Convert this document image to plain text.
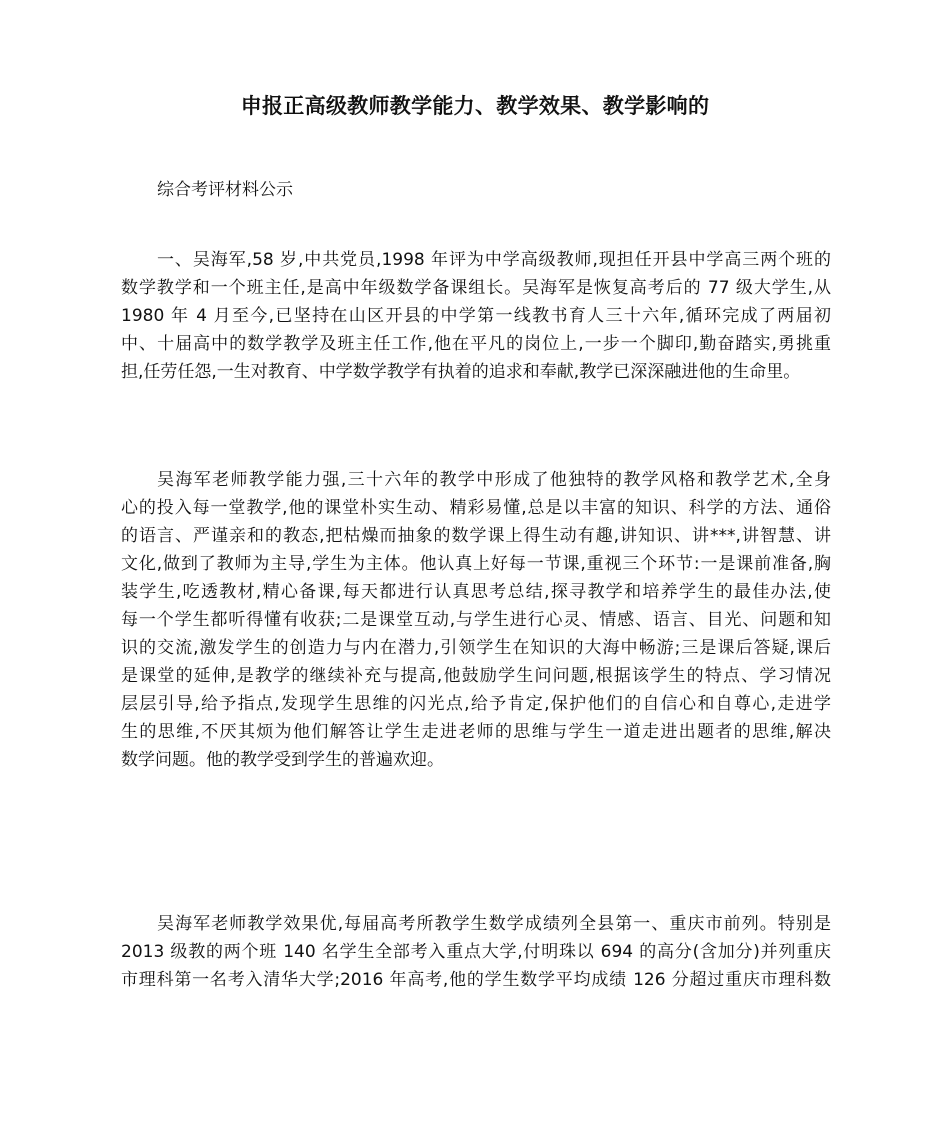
申报正高级教师教学能力、教学效果、教学影响的
综合考评材料公示
一、吴海军,58 岁,中共党员,1998 年评为中学高级教师,现担任开县中学高三两个班的
数学教学和一个班主任,是高中年级数学备课组长。吴海军是恢复高考后的 77 级大学生,从
1980 年 4 月至今,已坚持在山区开县的中学第一线教书育人三十六年,循环完成了两届初
中、十届高中的数学教学及班主任工作,他在平凡的岗位上,一步一个脚印,勤奋踏实,勇挑重
担,任劳任怨,一生对教育、中学数学教学有执着的追求和奉献,教学已深深融进他的生命里。
吴海军老师教学能力强,三十六年的教学中形成了他独特的教学风格和教学艺术,全身
心的投入每一堂教学,他的课堂朴实生动、精彩易懂,总是以丰富的知识、科学的方法、通俗
的语言、严谨亲和的教态,把枯燥而抽象的数学课上得生动有趣,讲知识、讲***,讲智慧、讲
文化,做到了教师为主导,学生为主体。他认真上好每一节课,重视三个环节:一是课前准备,胸
装学生,吃透教材,精心备课,每天都进行认真思考总结,探寻教学和培养学生的最佳办法,使
每一个学生都听得懂有收获;二是课堂互动,与学生进行心灵、情感、语言、目光、问题和知
识的交流,激发学生的创造力与内在潜力,引领学生在知识的大海中畅游;三是课后答疑,课后
是课堂的延伸,是教学的继续补充与提高,他鼓励学生问问题,根据该学生的特点、学习情况
层层引导,给予指点,发现学生思维的闪光点,给予肯定,保护他们的自信心和自尊心,走进学
生的思维,不厌其烦为他们解答让学生走进老师的思维与学生一道走进出题者的思维,解决
数学问题。他的教学受到学生的普遍欢迎。
吴海军老师教学效果优,每届高考所教学生数学成绩列全县第一、重庆市前列。特别是
2013 级教的两个班 140 名学生全部考入重点大学,付明珠以 694 的高分(含加分)并列重庆
市理科第一名考入清华大学;2016 年高考,他的学生数学平均成绩 126 分超过重庆市理科数
